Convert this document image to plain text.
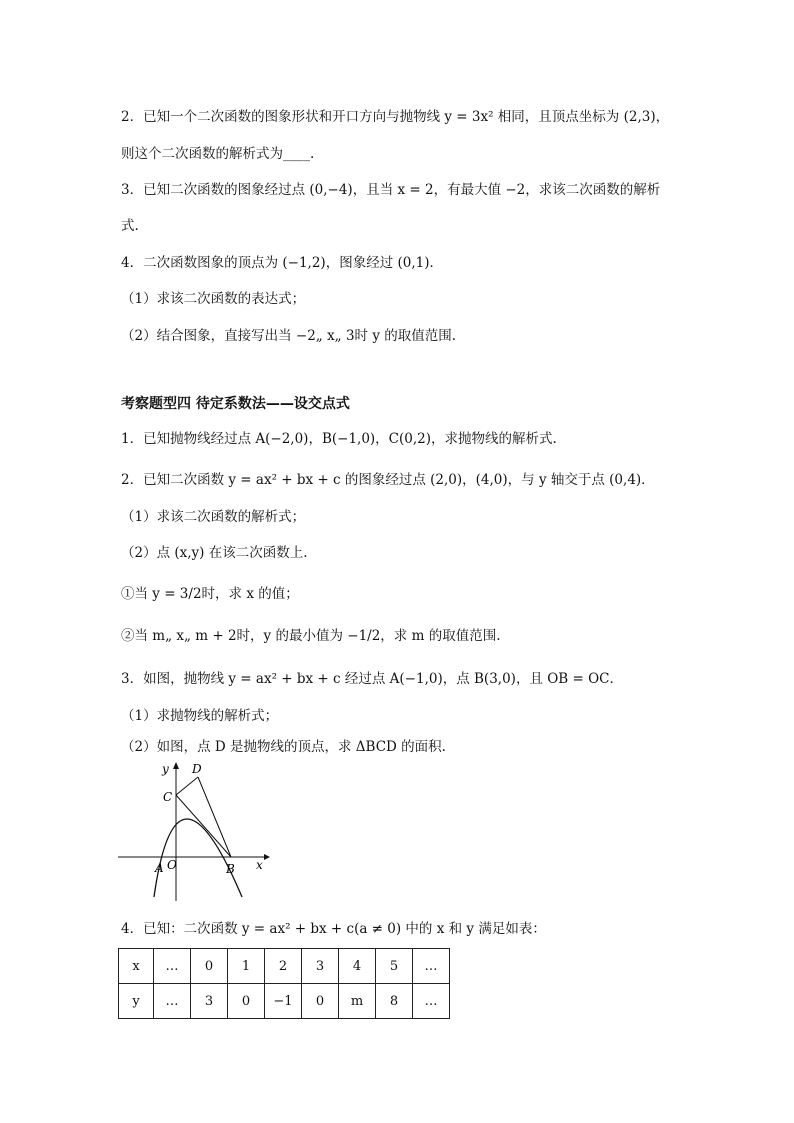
2．已知一个二次函数的图象形状和开口方向与抛物线 y = 3x² 相同，且顶点坐标为 (2,3)，
则这个二次函数的解析式为____.
3．已知二次函数的图象经过点 (0,−4)，且当 x = 2，有最大值 −2，求该二次函数的解析
式.
4．二次函数图象的顶点为 (−1,2)，图象经过 (0,1)．
（1）求该二次函数的表达式；
（2）结合图象，直接写出当 −2„ x„ 3时 y 的取值范围.
考察题型四 待定系数法——设交点式
1．已知抛物线经过点 A(−2,0)，B(−1,0)，C(0,2)，求抛物线的解析式.
2．已知二次函数 y = ax² + bx + c 的图象经过点 (2,0)，(4,0)，与 y 轴交于点 (0,4)．
（1）求该二次函数的解析式；
（2）点 (x,y) 在该二次函数上.
①当 y = 3/2时，求 x 的值；
②当 m„ x„ m + 2时，y 的最小值为 −1/2，求 m 的取值范围.
3．如图，抛物线 y = ax² + bx + c 经过点 A(−1,0)，点 B(3,0)，且 OB = OC．
（1）求抛物线的解析式；
（2）如图，点 D 是抛物线的顶点，求 ΔBCD 的面积.
y D
C
O
A	B x
4．已知：二次函数 y = ax² + bx + c(a ≠ 0) 中的 x 和 y 满足如表：
x	…	0	1	2	3	4	5	…
y	…	3	0	−1	0	m	8	…
